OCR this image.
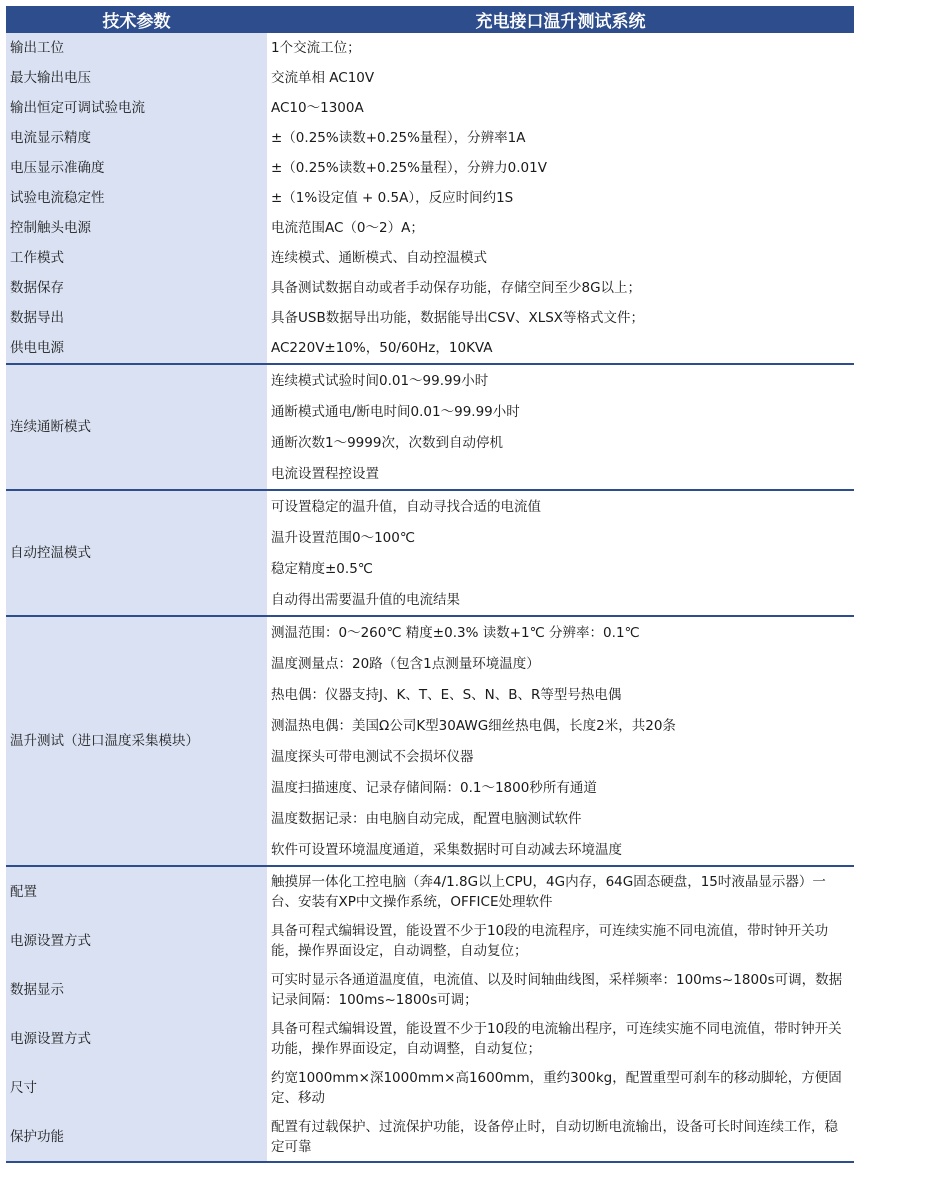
技术参数	充电接口温升测试系统
输出工位	1个交流工位；
最大输出电压	交流单相 AC10V
输出恒定可调试验电流	AC10～1300A
电流显示精度	±（0.25%读数+0.25%量程），分辨率1A
电压显示准确度	±（0.25%读数+0.25%量程），分辨力0.01V
试验电流稳定性	±（1%设定值 + 0.5A），反应时间约1S
控制触头电源	电流范围AC（0～2）A；
工作模式	连续模式、通断模式、自动控温模式
数据保存	具备测试数据自动或者手动保存功能，存储空间至少8G以上；
数据导出	具备USB数据导出功能，数据能导出CSV、XLSX等格式文件；
供电电源	AC220V±10%，50/60Hz，10KVA
连续通断模式	连续模式试验时间0.01～99.99小时
	通断模式通电/断电时间0.01～99.99小时
	通断次数1～9999次，次数到自动停机
	电流设置程控设置
自动控温模式	可设置稳定的温升值，自动寻找合适的电流值
	温升设置范围0～100℃
	稳定精度±0.5℃
	自动得出需要温升值的电流结果
温升测试（进口温度采集模块）	测温范围：0～260℃ 精度±0.3% 读数+1℃ 分辨率：0.1℃
	温度测量点：20路（包含1点测量环境温度）
	热电偶：仪器支持J、K、T、E、S、N、B、R等型号热电偶
	测温热电偶：美国Ω公司K型30AWG细丝热电偶，长度2米，共20条
	温度探头可带电测试不会损坏仪器
	温度扫描速度、记录存储间隔：0.1～1800秒所有通道
	温度数据记录：由电脑自动完成，配置电脑测试软件
	软件可设置环境温度通道，采集数据时可自动减去环境温度
配置	触摸屏一体化工控电脑（奔4/1.8G以上CPU，4G内存，64G固态硬盘，15吋液晶显示器）一台、安装有XP中文操作系统，OFFICE处理软件
电源设置方式	具备可程式编辑设置，能设置不少于10段的电流程序，可连续实施不同电流值，带时钟开关功能，操作界面设定，自动调整，自动复位；
数据显示	可实时显示各通道温度值，电流值、以及时间轴曲线图，采样频率：100ms~1800s可调，数据记录间隔：100ms~1800s可调；
电源设置方式	具备可程式编辑设置，能设置不少于10段的电流输出程序，可连续实施不同电流值，带时钟开关功能，操作界面设定，自动调整，自动复位；
尺寸	约宽1000mm×深1000mm×高1600mm，重约300kg，配置重型可刹车的移动脚轮，方便固定、移动
保护功能	配置有过载保护、过流保护功能，设备停止时，自动切断电流输出，设备可长时间连续工作，稳定可靠
